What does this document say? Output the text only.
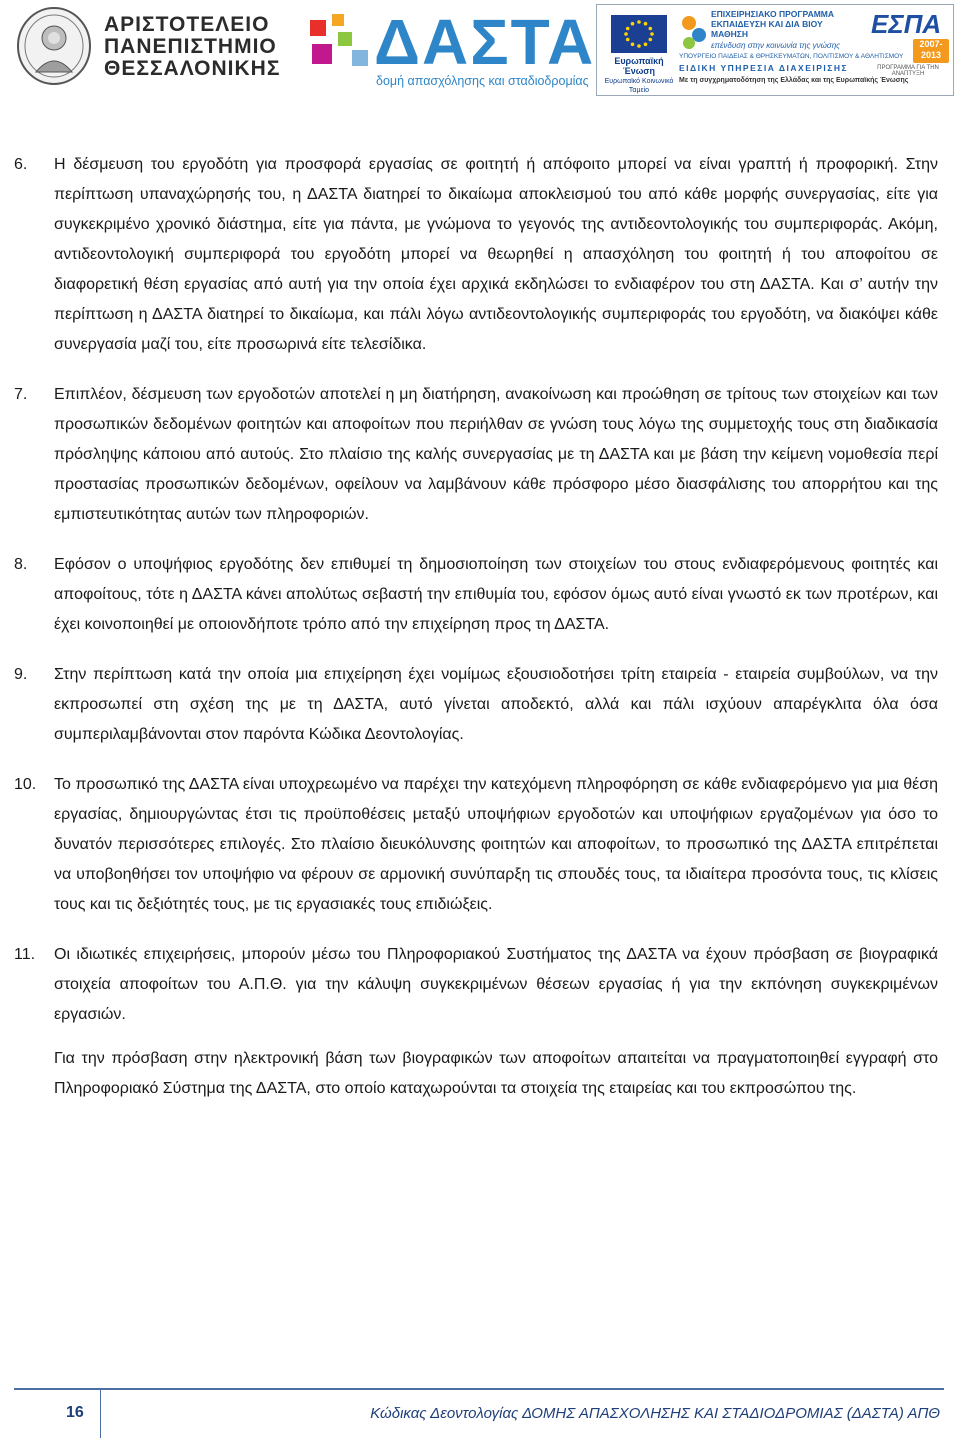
ΑΡΙΣΤΟΤΕΛΕΙΟ
ΠΑΝΕΠΙΣΤΗΜΙΟ
ΘΕΣΣΑΛΟΝΙΚΗΣ ΔΑΣΤΑ
δομή απασχόλησης και σταδιοδρομίας
Ευρωπαϊκή Ένωση
Ευρωπαϊκό Κοινωνικό Ταμείο
ΕΠΙΧΕΙΡΗΣΙΑΚΟ ΠΡΟΓΡΑΜΜΑ ΕΚΠΑΙΔΕΥΣΗ ΚΑΙ ΔΙΑ ΒΙΟΥ ΜΑΘΗΣΗ
επένδυση στην κοινωνία της γνώσης
ΕΣΠΑ
2007-2013
ΠΡΟΓΡΑΜΜΑ ΓΙΑ ΤΗΝ ΑΝΑΠΤΥΞΗ
ΥΠΟΥΡΓΕΙΟ ΠΑΙΔΕΙΑΣ & ΘΡΗΣΚΕΥΜΑΤΩΝ, ΠΟΛΙΤΙΣΜΟΥ & ΑΘΛΗΤΙΣΜΟΥ
ΕΙΔΙΚΗ ΥΠΗΡΕΣΙΑ ΔΙΑΧΕΙΡΙΣΗΣ
Με τη συγχρηματοδότηση της Ελλάδας και της Ευρωπαϊκής Ένωσης

6. Η δέσμευση του εργοδότη για προσφορά εργασίας σε φοιτητή ή απόφοιτο μπορεί να είναι γραπτή ή προφορική. Στην περίπτωση υπαναχώρησής του, η ΔΑΣΤΑ διατηρεί το δικαίωμα αποκλεισμού του από κάθε μορφής συνεργασίας, είτε για συγκεκριμένο χρονικό διάστημα, είτε για πάντα, με γνώμονα το γεγονός της αντιδεοντολογικής του συμπεριφοράς. Ακόμη, αντιδεοντολογική συμπεριφορά του εργοδότη μπορεί να θεωρηθεί η απασχόληση του φοιτητή ή του αποφοίτου σε διαφορετική θέση εργασίας από αυτή για την οποία έχει αρχικά εκδηλώσει το ενδιαφέρον του στη ΔΑΣΤΑ. Και σ’ αυτήν την περίπτωση η ΔΑΣΤΑ διατηρεί το δικαίωμα, και πάλι λόγω αντιδεοντολογικής συμπεριφοράς του εργοδότη, να διακόψει κάθε συνεργασία μαζί του, είτε προσωρινά είτε τελεσίδικα.

7. Επιπλέον, δέσμευση των εργοδοτών αποτελεί η μη διατήρηση, ανακοίνωση και προώθηση σε τρίτους των στοιχείων και των προσωπικών δεδομένων φοιτητών και αποφοίτων που περιήλθαν σε γνώση τους λόγω της συμμετοχής τους στη διαδικασία πρόσληψης κάποιου από αυτούς. Στο πλαίσιο της καλής συνεργασίας με τη ΔΑΣΤΑ και με βάση την κείμενη νομοθεσία περί προστασίας προσωπικών δεδομένων, οφείλουν να λαμβάνουν κάθε πρόσφορο μέσο διασφάλισης του απορρήτου και της εμπιστευτικότητας αυτών των πληροφοριών.

8. Εφόσον ο υποψήφιος εργοδότης δεν επιθυμεί τη δημοσιοποίηση των στοιχείων του στους ενδιαφερόμενους φοιτητές και αποφοίτους, τότε η ΔΑΣΤΑ κάνει απολύτως σεβαστή την επιθυμία του, εφόσον όμως αυτό είναι γνωστό εκ των προτέρων, και έχει κοινοποιηθεί με οποιονδήποτε τρόπο από την επιχείρηση προς τη ΔΑΣΤΑ.

9. Στην περίπτωση κατά την οποία μια επιχείρηση έχει νομίμως εξουσιοδοτήσει τρίτη εταιρεία - εταιρεία συμβούλων, να την εκπροσωπεί στη σχέση της με τη ΔΑΣΤΑ, αυτό γίνεται αποδεκτό, αλλά και πάλι ισχύουν απαρέγκλιτα όλα όσα συμπεριλαμβάνονται στον παρόντα Κώδικα Δεοντολογίας.

10. Το προσωπικό της ΔΑΣΤΑ είναι υποχρεωμένο να παρέχει την κατεχόμενη πληροφόρηση σε κάθε ενδιαφερόμενο για μια θέση εργασίας, δημιουργώντας έτσι τις προϋποθέσεις μεταξύ υποψήφιων εργοδοτών και υποψήφιων εργαζομένων για όσο το δυνατόν περισσότερες επιλογές. Στο πλαίσιο διευκόλυνσης φοιτητών και αποφοίτων, το προσωπικό της ΔΑΣΤΑ επιτρέπεται να υποβοηθήσει τον υποψήφιο να φέρουν σε αρμονική συνύπαρξη τις σπουδές τους, τα ιδιαίτερα προσόντα τους, τις κλίσεις τους και τις δεξιότητές τους, με τις εργασιακές τους επιδιώξεις.

11. Οι ιδιωτικές επιχειρήσεις, μπορούν μέσω του Πληροφοριακού Συστήματος της ΔΑΣΤΑ να έχουν πρόσβαση σε βιογραφικά στοιχεία αποφοίτων του Α.Π.Θ. για την κάλυψη συγκεκριμένων θέσεων εργασίας ή για την εκπόνηση συγκεκριμένων εργασιών.

Για την πρόσβαση στην ηλεκτρονική βάση των βιογραφικών των αποφοίτων απαιτείται να πραγματοποιηθεί εγγραφή στο Πληροφοριακό Σύστημα της ΔΑΣΤΑ, στο οποίο καταχωρούνται τα στοιχεία της εταιρείας και του εκπροσώπου της.

16	Κώδικας Δεοντολογίας ΔΟΜΗΣ ΑΠΑΣΧΟΛΗΣΗΣ ΚΑΙ ΣΤΑΔΙΟΔΡΟΜΙΑΣ (ΔΑΣΤΑ) ΑΠΘ
